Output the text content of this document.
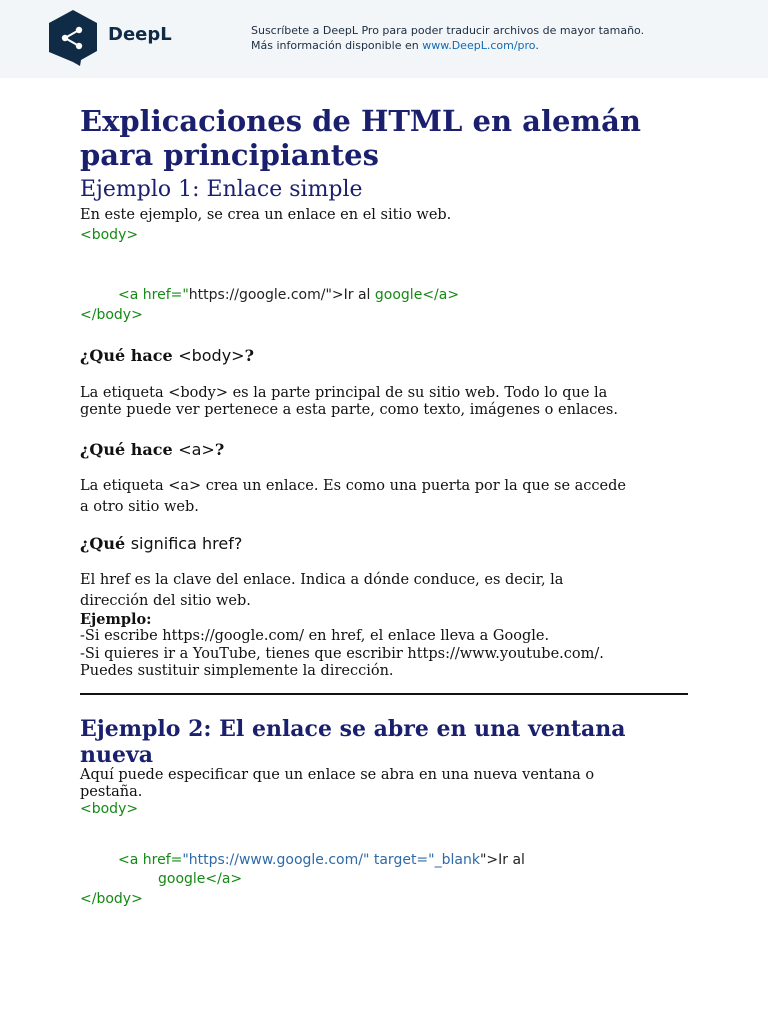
DeepL	Suscríbete a DeepL Pro para poder traducir archivos de mayor tamaño.
Más información disponible en www.DeepL.com/pro.
Explicaciones de HTML en alemán para principiantes
Ejemplo 1: Enlace simple
En este ejemplo, se crea un enlace en el sitio web.
<body>
<a href="https://google.com/">Ir al google</a>
</body>
¿Qué hace <body>?
La etiqueta <body> es la parte principal de su sitio web. Todo lo que la
gente puede ver pertenece a esta parte, como texto, imágenes o enlaces.
¿Qué hace <a>?
La etiqueta <a> crea un enlace. Es como una puerta por la que se accede
a otro sitio web.
¿Qué significa href?
El href es la clave del enlace. Indica a dónde conduce, es decir, la
dirección del sitio web.
Ejemplo:
-Si escribe https://google.com/ en href, el enlace lleva a Google.
-Si quieres ir a YouTube, tienes que escribir https://www.youtube.com/.
Puedes sustituir simplemente la dirección.
Ejemplo 2: El enlace se abre en una ventana
nueva
Aquí puede especificar que un enlace se abra en una nueva ventana o
pestaña.
<body>
<a href="https://www.google.com/" target="_blank">Ir al
google</a>
</body>
